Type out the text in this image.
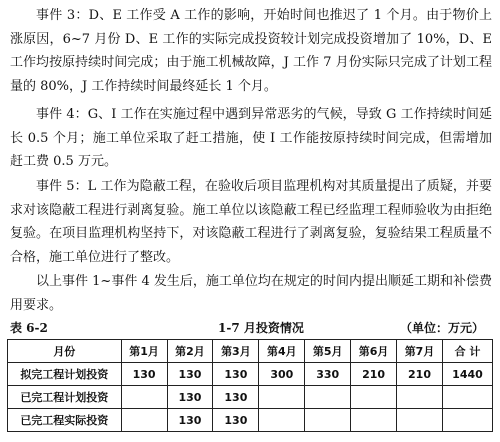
事件 3：D、E 工作受 A 工作的影响，开始时间也推迟了 1 个月。由于物价上涨原因，6~7 月份 D、E 工作的实际完成投资较计划完成投资增加了 10%，D、E 工作均按原持续时间完成；由于施工机械故障，J 工作 7 月份实际只完成了计划工程量的 80%，J 工作持续时间最终延长 1 个月。

事件 4：G、I 工作在实施过程中遇到异常恶劣的气候，导致 G 工作持续时间延长 0.5 个月；施工单位采取了赶工措施，使 I 工作能按原持续时间完成，但需增加赶工费 0.5 万元。

事件 5：L 工作为隐蔽工程，在验收后项目监理机构对其质量提出了质疑，并要求对该隐蔽工程进行剥离复验。施工单位以该隐蔽工程已经监理工程师验收为由拒绝复验。在项目监理机构坚持下，对该隐蔽工程进行了剥离复验，复验结果工程质量不合格，施工单位进行了整改。

以上事件 1~事件 4 发生后，施工单位均在规定的时间内提出顺延工期和补偿费用要求。

表 6-2	1-7 月投资情况	（单位：万元）
月份	第1月	第2月	第3月	第4月	第5月	第6月	第7月	合 计
拟完工程计划投资	130	130	130	300	330	210	210	1440
已完工程计划投资		130	130					
已完工程实际投资		130	130					
